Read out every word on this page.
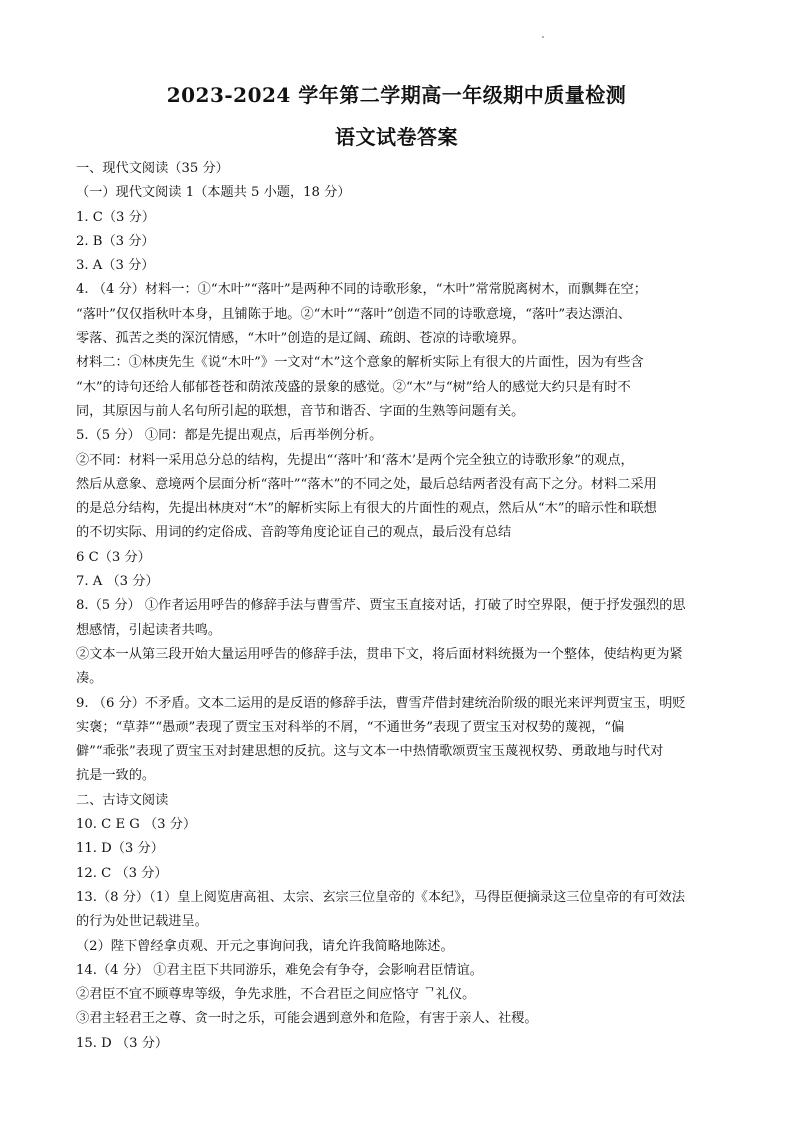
2023-2024 学年第二学期高一年级期中质量检测
语文试卷答案
一、现代文阅读（35 分）
（一）现代文阅读 1（本题共 5 小题，18 分）
1. C（3 分）
2. B（3 分）
3. A（3 分）
4. （4 分）材料一：①“木叶”“落叶”是两种不同的诗歌形象，“木叶”常常脱离树木，而飘舞在空；
“落叶”仅仅指秋叶本身，且铺陈于地。②“木叶”“落叶”创造不同的诗歌意境，“落叶”表达漂泊、
零落、孤苦之类的深沉情感，“木叶”创造的是辽阔、疏朗、苍凉的诗歌境界。
材料二：①林庚先生《说“木叶”》一文对“木”这个意象的解析实际上有很大的片面性，因为有些含
“木”的诗句还给人郁郁苍苍和荫浓茂盛的景象的感觉。②“木”与“树”给人的感觉大约只是有时不
同，其原因与前人名句所引起的联想，音节和谐否、字面的生熟等问题有关。
5.（5 分） ①同：都是先提出观点，后再举例分析。
②不同：材料一采用总分总的结构，先提出“‘落叶’和‘落木’是两个完全独立的诗歌形象”的观点，
然后从意象、意境两个层面分析“落叶”“落木”的不同之处，最后总结两者没有高下之分。材料二采用
的是总分结构，先提出林庚对“木”的解析实际上有很大的片面性的观点，然后从“木”的暗示性和联想
的不切实际、用词的约定俗成、音韵等角度论证自己的观点，最后没有总结
6 C（3 分）
7. A （3 分）
8.（5 分） ①作者运用呼告的修辞手法与曹雪芹、贾宝玉直接对话，打破了时空界限，便于抒发强烈的思
想感情，引起读者共鸣。
②文本一从第三段开始大量运用呼告的修辞手法，贯串下文，将后面材料统摄为一个整体，使结构更为紧
凑。
9. （6 分）不矛盾。文本二运用的是反语的修辞手法，曹雪芹借封建统治阶级的眼光来评判贾宝玉，明贬
实褒；“草莽”“愚顽”表现了贾宝玉对科举的不屑，“不通世务”表现了贾宝玉对权势的蔑视，“偏
僻”“乖张”表现了贾宝玉对封建思想的反抗。这与文本一中热情歌颂贾宝玉蔑视权势、勇敢地与时代对
抗是一致的。
二、古诗文阅读
10. C E G （3 分）
11. D（3 分）
12. C （3 分）
13.（8 分）（1）皇上阅览唐高祖、太宗、玄宗三位皇帝的《本纪》，马得臣便摘录这三位皇帝的有可效法
的行为处世记载进呈。
（2）陛下曾经拿贞观、开元之事询问我，请允许我简略地陈述。
14.（4 分） ①君主臣下共同游乐，难免会有争夺，会影响君臣情谊。
②君臣不宜不顾尊卑等级，争先求胜，不合君臣之间应恪守 ᄀ礼仪。
③君主轻君王之尊、贪一时之乐，可能会遇到意外和危险，有害于亲人、社稷。
15. D （3 分）
